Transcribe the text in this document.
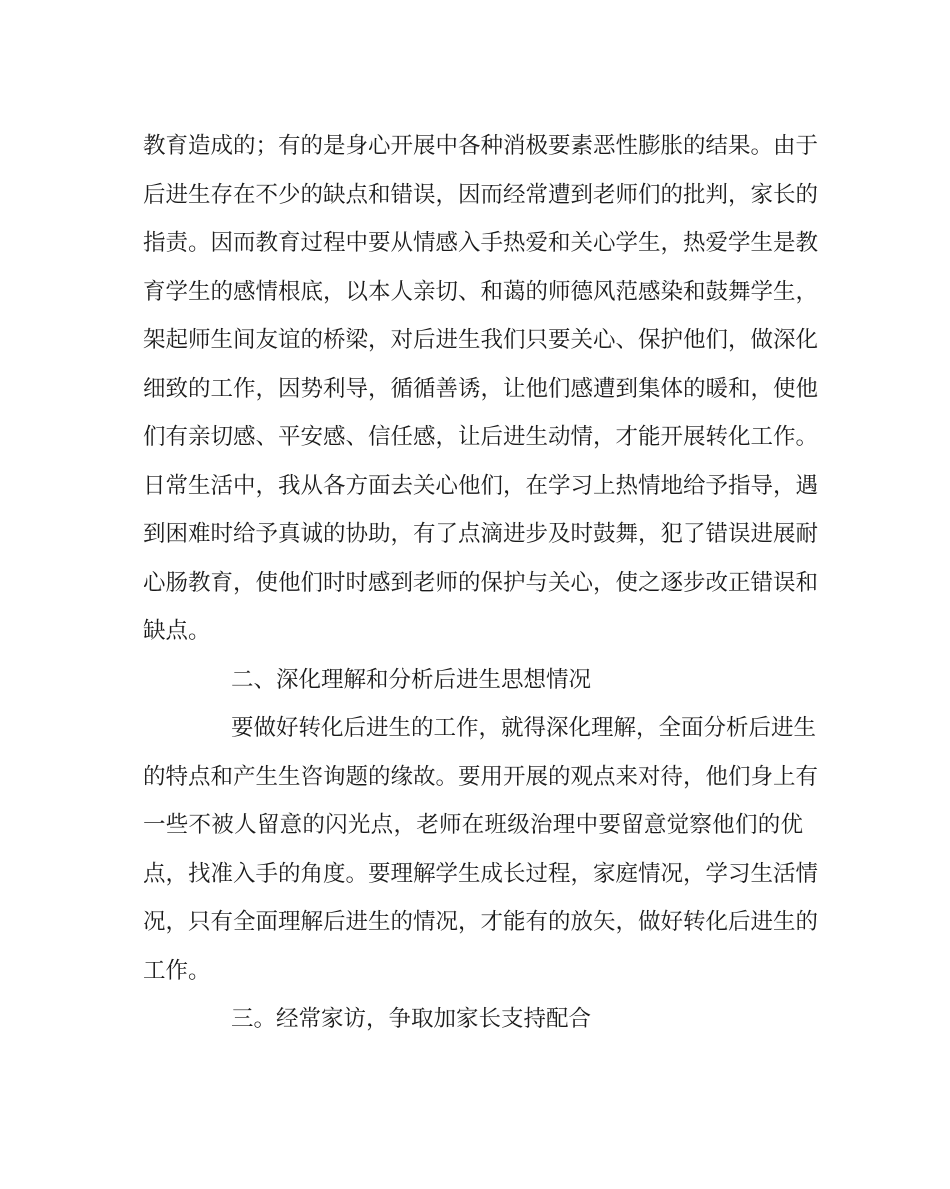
教育造成的；有的是身心开展中各种消极要素恶性膨胀的结果。由于
后进生存在不少的缺点和错误，因而经常遭到老师们的批判，家长的
指责。因而教育过程中要从情感入手热爱和关心学生，热爱学生是教
育学生的感情根底，以本人亲切、和蔼的师德风范感染和鼓舞学生，
架起师生间友谊的桥梁，对后进生我们只要关心、保护他们，做深化
细致的工作，因势利导，循循善诱，让他们感遭到集体的暖和，使他
们有亲切感、平安感、信任感，让后进生动情，才能开展转化工作。
日常生活中，我从各方面去关心他们，在学习上热情地给予指导，遇
到困难时给予真诚的协助，有了点滴进步及时鼓舞，犯了错误进展耐
心肠教育，使他们时时感到老师的保护与关心，使之逐步改正错误和
缺点。
二、深化理解和分析后进生思想情况
要做好转化后进生的工作，就得深化理解，全面分析后进生
的特点和产生生咨询题的缘故。要用开展的观点来对待，他们身上有
一些不被人留意的闪光点，老师在班级治理中要留意觉察他们的优
点，找准入手的角度。要理解学生成长过程，家庭情况，学习生活情
况，只有全面理解后进生的情况，才能有的放矢，做好转化后进生的
工作。
三。经常家访，争取加家长支持配合
